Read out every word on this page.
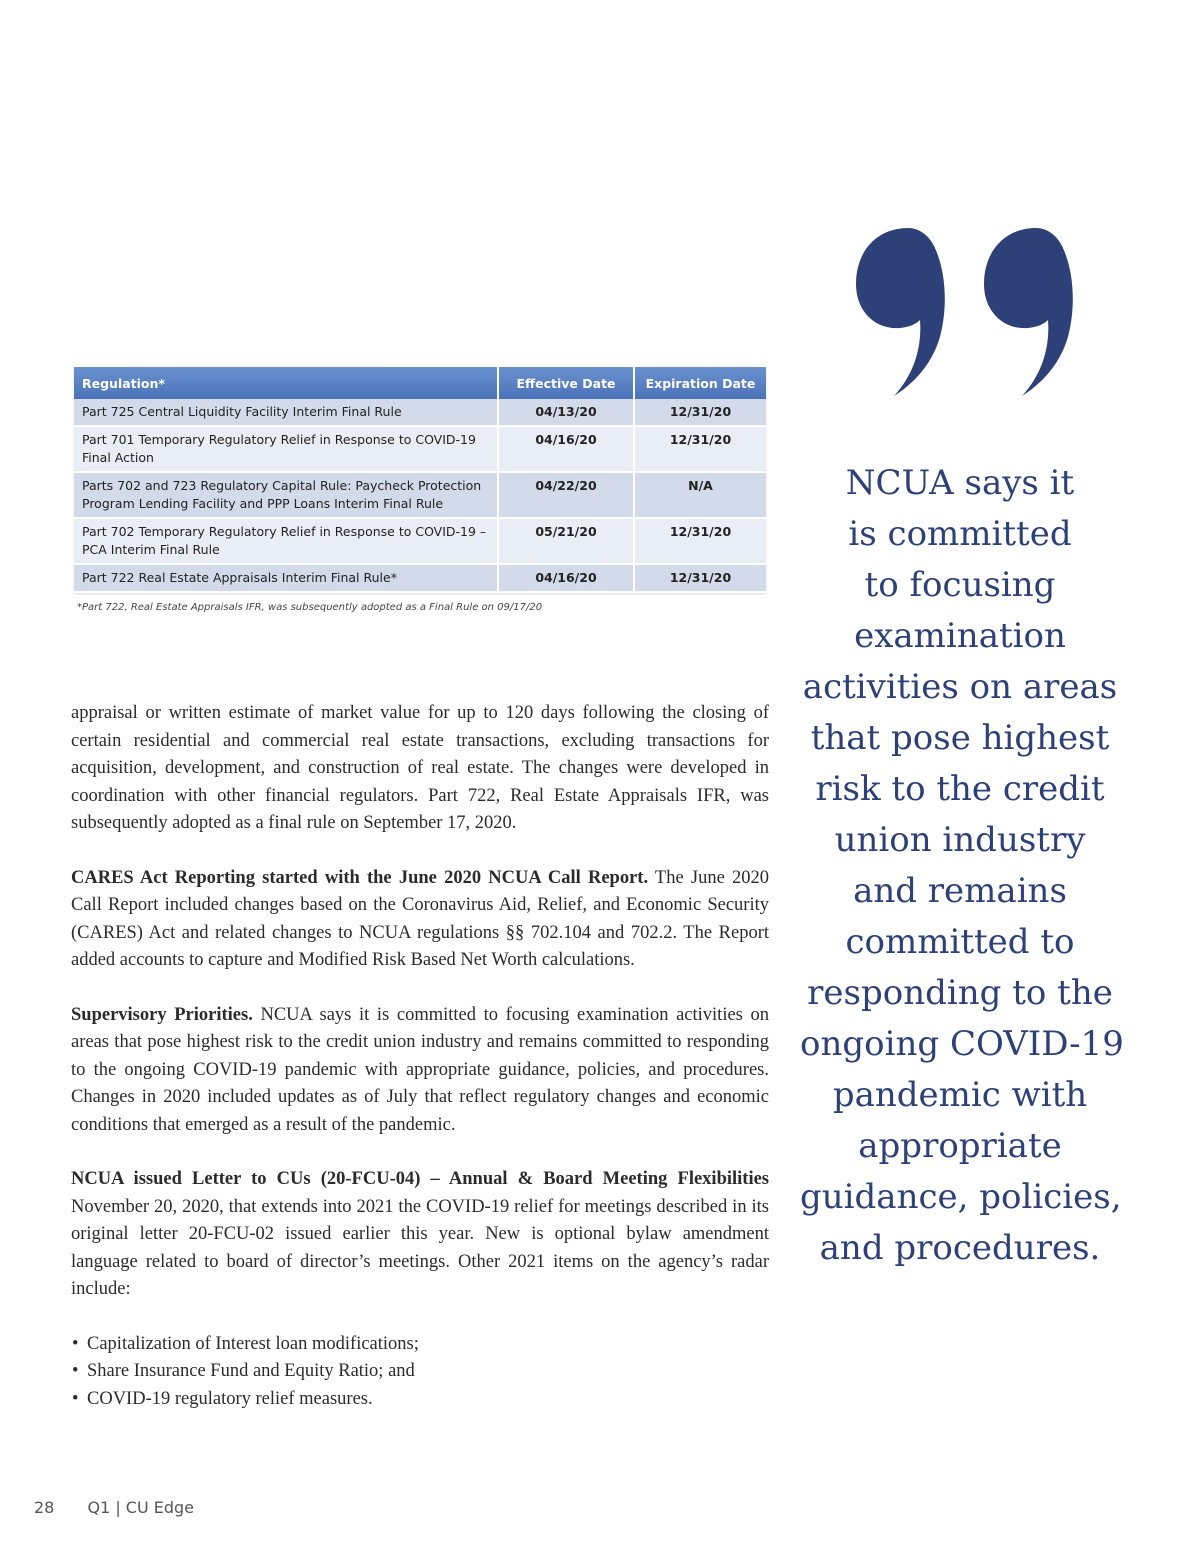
Regulation*	Effective Date	Expiration Date
Part 725 Central Liquidity Facility Interim Final Rule	04/13/20	12/31/20
Part 701 Temporary Regulatory Relief in Response to COVID-19 Final Action	04/16/20	12/31/20
Parts 702 and 723 Regulatory Capital Rule: Paycheck Protection Program Lending Facility and PPP Loans Interim Final Rule	04/22/20	N/A
Part 702 Temporary Regulatory Relief in Response to COVID-19 – PCA Interim Final Rule	05/21/20	12/31/20
Part 722 Real Estate Appraisals Interim Final Rule*	04/16/20	12/31/20
*Part 722, Real Estate Appraisals IFR, was subsequently adopted as a Final Rule on 09/17/20

appraisal or written estimate of market value for up to 120 days following the closing of certain residential and commercial real estate transactions, excluding transactions for acquisition, development, and construction of real estate. The changes were developed in coordination with other financial regulators. Part 722, Real Estate Appraisals IFR, was subsequently adopted as a final rule on September 17, 2020.

CARES Act Reporting started with the June 2020 NCUA Call Report. The June 2020 Call Report included changes based on the Coronavirus Aid, Relief, and Economic Security (CARES) Act and related changes to NCUA regulations §§ 702.104 and 702.2. The Report added accounts to capture and Modified Risk Based Net Worth calculations.

Supervisory Priorities. NCUA says it is committed to focusing examination activities on areas that pose highest risk to the credit union industry and remains committed to responding to the ongoing COVID-19 pandemic with appropriate guidance, policies, and procedures. Changes in 2020 included updates as of July that reflect regulatory changes and economic conditions that emerged as a result of the pandemic.

NCUA issued Letter to CUs (20-FCU-04) – Annual & Board Meeting Flexibilities November 20, 2020, that extends into 2021 the COVID-19 relief for meetings described in its original letter 20-FCU-02 issued earlier this year. New is optional bylaw amendment language related to board of director’s meetings. Other 2021 items on the agency’s radar include:

• Capitalization of Interest loan modifications;
• Share Insurance Fund and Equity Ratio; and
• COVID-19 regulatory relief measures.
NCUA says it
is committed
to focusing
examination
activities on areas
that pose highest
risk to the credit
union industry
and remains
committed to
responding to the
ongoing COVID-19
pandemic with
appropriate
guidance, policies,
and procedures.
28 Q1 | CU Edge
